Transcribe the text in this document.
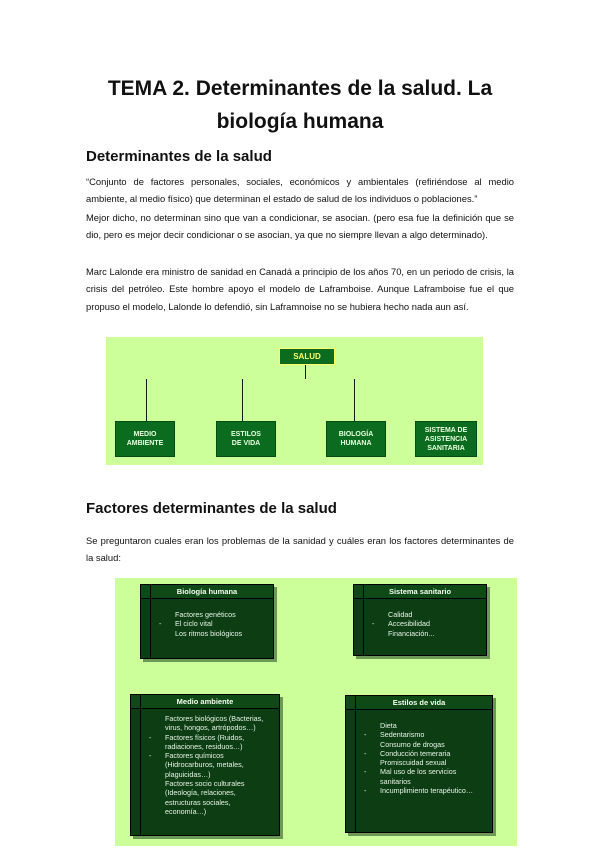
TEMA 2. Determinantes de la salud. La
biología humana
Determinantes de la salud
“Conjunto de factores personales, sociales, económicos y ambientales (refiriéndose al medio ambiente, al medio físico) que determinan el estado de salud de los individuos o poblaciones.”
Mejor dicho, no determinan sino que van a condicionar, se asocian. (pero esa fue la definición que se dio, pero es mejor decir condicionar o se asocian, ya que no siempre llevan a algo determinado).
Marc Lalonde era ministro de sanidad en Canadá a principio de los años 70, en un periodo de crisis, la crisis del petróleo. Este hombre apoyo el modelo de Laframboise. Aunque Laframboise fue el que propuso el modelo, Lalonde lo defendió, sin Laframnoise no se hubiera hecho nada aun así.
SALUD
MEDIO
AMBIENTE
ESTILOS
DE VIDA
BIOLOGÍA
HUMANA
SISTEMA DE
ASISTENCIA
SANITARIA
Factores determinantes de la salud
Se preguntaron cuales eran los problemas de la sanidad y cuáles eran los factores determinantes de la salud:
Biología humana
Factores genéticos
- El ciclo vital
Los ritmos biológicos
Sistema sanitario
Calidad
- Accesibilidad
Financiación...
Medio ambiente
Factores biológicos (Bacterias, virus, hongos, artrópodos…)
- Factores físicos (Ruidos, radiaciones, residuos…)
- Factores químicos (Hidrocarburos, metales, plaguicidas…)
Factores socio culturales (Ideología, relaciones, estructuras sociales, economía…)
Estilos de vida
Dieta
- Sedentarismo
Consumo de drogas
- Conducción temeraria
Promiscuidad sexual
- Mal uso de los servicios sanitarios
- Incumplimiento terapéutico…
